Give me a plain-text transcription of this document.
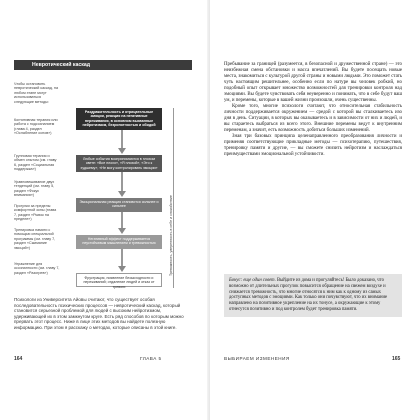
Невротический каскад
Чтобы остановить невротический каскад, на любом этапе могут использоваться следующие методы:
Когнитивная терапия или работа с подсознанием (глава 4, раздел «Ослабление основ»)
Групповая терапия и обмен опытом (см. главу 6, раздел «Социальная поддержка»)
Уравновешивание двух тенденций (см. главу 5, раздел «Фокус внимания»)
Прогулки за пределы комфортной зоны (глава 7, раздел «Рывок на пределе»)
Тренировка памяти с помощью специальной программы (см. главу 7, раздел «Сжимание эмоций»)
Упражнение для осознанности (см. главу 7, раздел «Разогрев»)
Раздражительность и отрицательные эмоции, реакция на негативные переживания, в основном вызванные нейротизмом, безропотностью и обидой
Любые события воспринимаются в плохом свете: «Все плохо», «Я плохой», «Это к худшему», «Не могу контролировать эмоции»
Эмоциональная реакция становится сильнее и сильнее
Негативный эффект поддерживается неустойчивым мышлением и тревожностью
Фрустрация, появление безысходности и переживаний; отдаление людей и отказ от тревоги
Тревожность, уверенность в себе и спокойствие
Психологи из Университета Айовы считают, что существует особая последовательность психических процессов — невротический каскад, который становится серьезной проблемой для людей с высоким нейротизмом, удерживающей их в этом замкнутом круге. Есть ряд способов по которым можно прервать этот процесс. Ниже в лице этих методов вы найдете полезную информацию. При этом я расскажу о методах, которые описаны в этой книге.
164	ГЛАВА 5

Пребывание за границей (разумеется, в безопасной и дружественной стране) — это неизбежная смена обстановки и масса впечатлений. Вы будете посещать новые места, знакомиться с культурой другой страны и новыми людьми. Это поможет стать чуть настоящим решительнее, особенно если по натуре вы человек робкий, но подобный опыт открывает множество возможностей для тренировки контроля над эмоциями. Вы будете чувствовать себя неуверенно и понимать, что в себе будут ваш ум, и перемены, которые в вашей жизни произошли, очень существенны.

Кроме того, многие психологи считают, что относительная стабильность личности поддерживается окружением — средой с которой вы сталкиваетесь изо дня в день. Ситуации, в которых вы оказываетесь и в зависимости от них и людей, и вы стараетесь выбраться из всего этого. Внешние перемены ведут к внутренним переменам, а значит, есть возможность добиться больших изменений.

Зная три базовых принципа целенаправленного преобразования личности и применяя соответствующие прикладные методы — психотерапию, путешествия, тренировку памяти и другие, — вы сможете снизить нейротизм и наслаждаться преимуществами эмоциональной устойчивости.

Бонус: еще один совет. Выйдите из дома и прогуляйтесь! Было доказано, что возможно от длительных прогулок повысится обращение на свежем воздухе и снижается тревожность, что многие относятся к ним как к одному из самых доступных методов с эмоциями. Как только они почувствуют, что их внимание направлено на позитивное укрепление на их тонусе, а окружающие к этому отнесутся позитивно и под контролем будет тренировка памяти.
ВЫБИРАЕМ ИЗМЕНЕНИЯ	165
